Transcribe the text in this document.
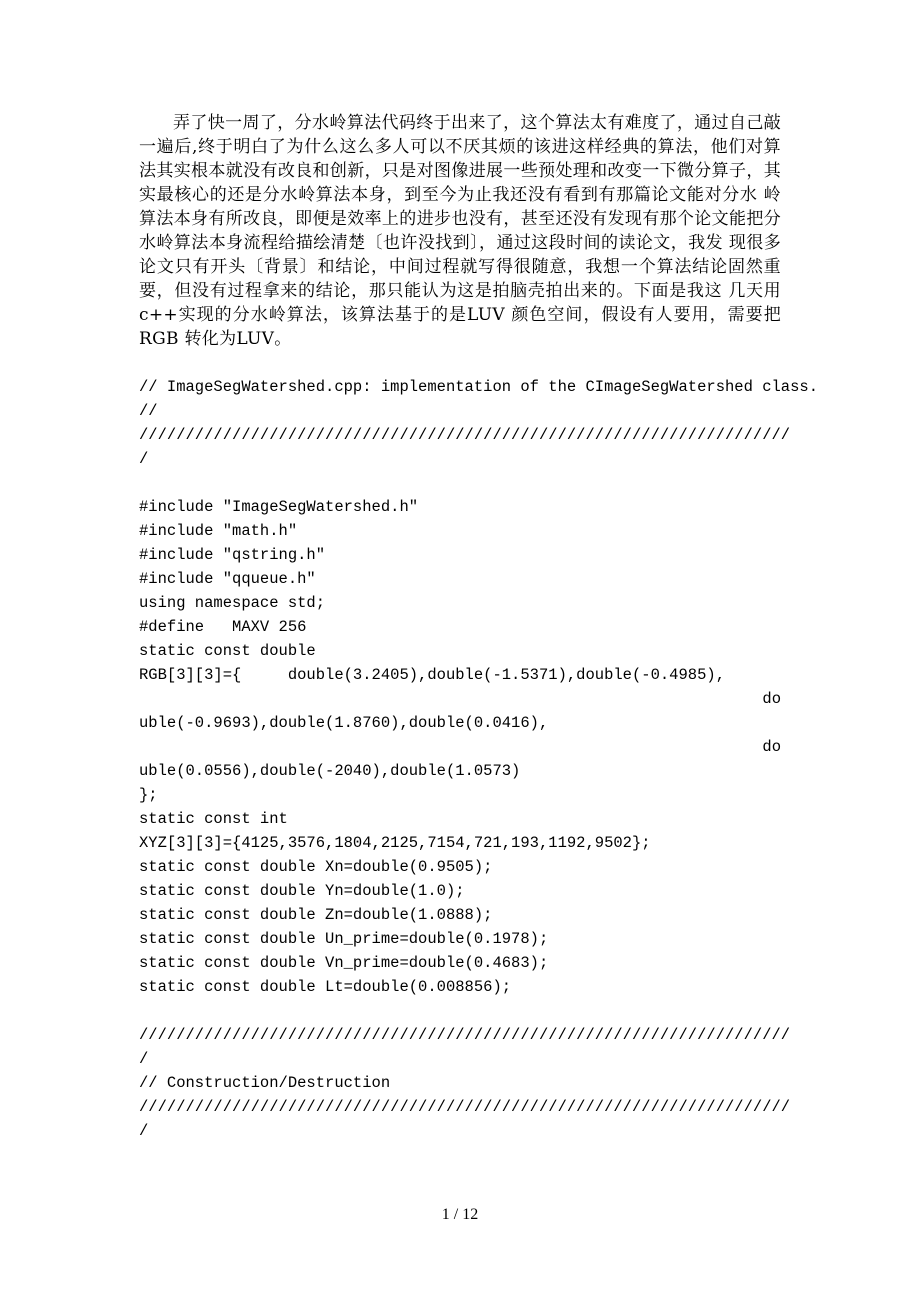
弄了快一周了，分水岭算法代码终于出来了，这个算法太有难度了，通过自己敲一遍后,终于明白了为什么这么多人可以不厌其烦的该进这样经典的算法，他们对算 法其实根本就没有改良和创新，只是对图像进展一些预处理和改变一下微分算子，其实最核心的还是分水岭算法本身，到至今为止我还没有看到有那篇论文能对分水 岭算法本身有所改良，即便是效率上的进步也没有，甚至还没有发现有那个论文能把分水岭算法本身流程给描绘清楚〔也许没找到〕，通过这段时间的读论文，我发 现很多论文只有开头〔背景〕和结论，中间过程就写得很随意，我想一个算法结论固然重要，但没有过程拿来的结论，那只能认为这是拍脑壳拍出来的。下面是我这 几天用 c++实现的分水岭算法，该算法基于的是LUV 颜色空间，假设有人要用，需要把 RGB 转化为LUV。

// ImageSegWatershed.cpp: implementation of the CImageSegWatershed class.
//
//////////////////////////////////////////////////////////////////////
/
#include "ImageSegWatershed.h"
#include "math.h"
#include "qstring.h"
#include "qqueue.h"
using namespace std;
#define   MAXV 256
static const double
RGB[3][3]={     double(3.2405),double(-1.5371),double(-0.4985),
do
uble(-0.9693),double(1.8760),double(0.0416),
do
uble(0.0556),double(-2040),double(1.0573)
};
static const int
XYZ[3][3]={4125,3576,1804,2125,7154,721,193,1192,9502};
static const double Xn=double(0.9505);
static const double Yn=double(1.0);
static const double Zn=double(1.0888);
static const double Un_prime=double(0.1978);
static const double Vn_prime=double(0.4683);
static const double Lt=double(0.008856);
//////////////////////////////////////////////////////////////////////
/
// Construction/Destruction
//////////////////////////////////////////////////////////////////////
/
1 / 12
